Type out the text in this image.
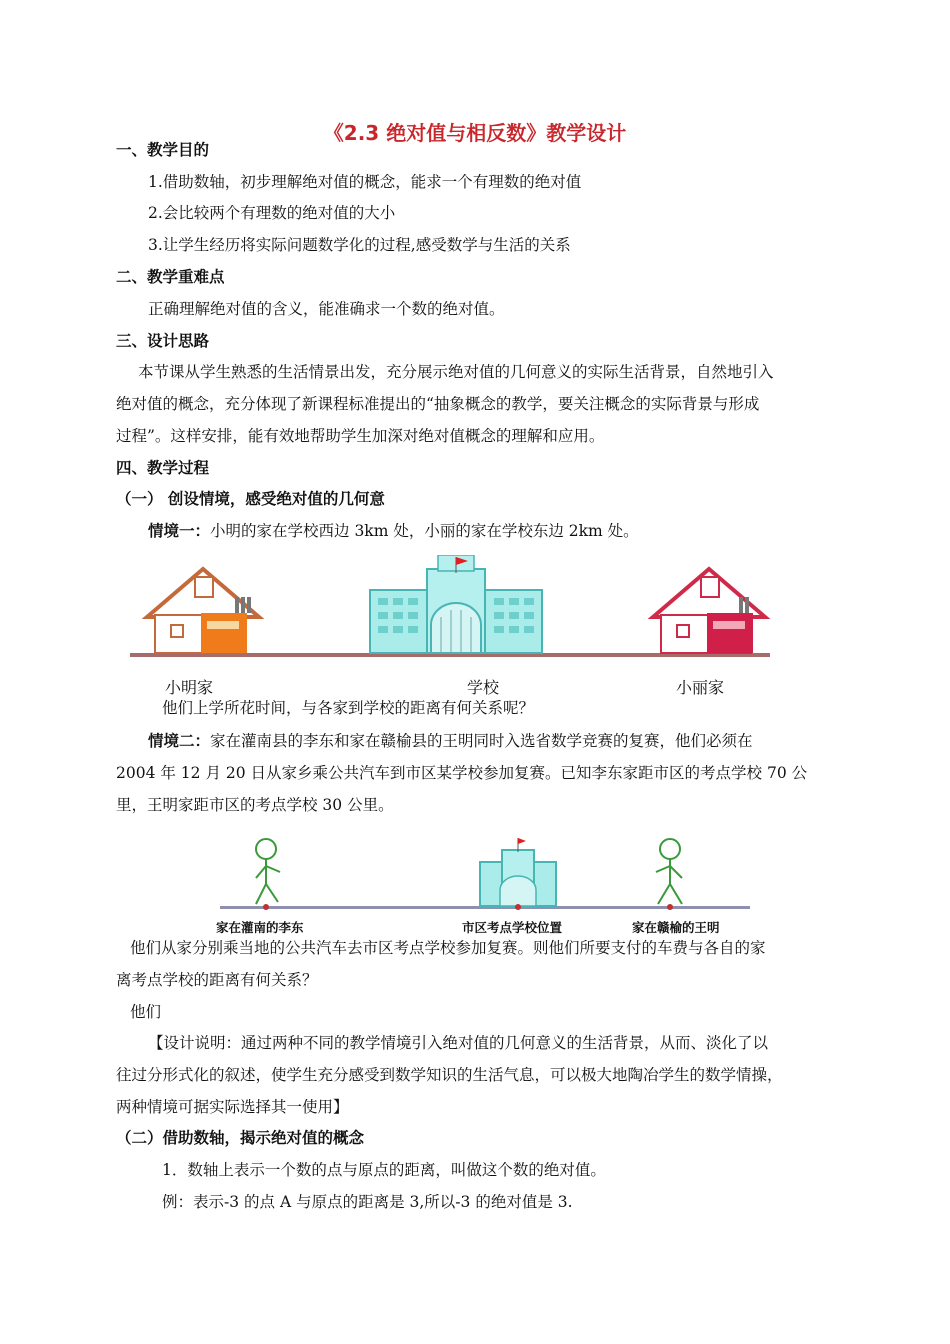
《2.3 绝对值与相反数》教学设计
一、教学目的
1.借助数轴，初步理解绝对值的概念，能求一个有理数的绝对值
2.会比较两个有理数的绝对值的大小
3.让学生经历将实际问题数学化的过程,感受数学与生活的关系
二、教学重难点
正确理解绝对值的含义，能准确求一个数的绝对值。
三、设计思路
本节课从学生熟悉的生活情景出发，充分展示绝对值的几何意义的实际生活背景，自然地引入
绝对值的概念，充分体现了新课程标准提出的“抽象概念的教学，要关注概念的实际背景与形成
过程”。这样安排，能有效地帮助学生加深对绝对值概念的理解和应用。
四、教学过程
（一） 创设情境，感受绝对值的几何意
情境一：小明的家在学校西边 3km 处，小丽的家在学校东边 2km 处。
小明家	学校	小丽家
他们上学所花时间，与各家到学校的距离有何关系呢？
情境二：家在灌南县的李东和家在赣榆县的王明同时入选省数学竞赛的复赛，他们必须在
2004 年 12 月 20 日从家乡乘公共汽车到市区某学校参加复赛。已知李东家距市区的考点学校 70 公
里，王明家距市区的考点学校 30 公里。
家在灌南的李东	市区考点学校位置	家在赣榆的王明
他们从家分别乘当地的公共汽车去市区考点学校参加复赛。则他们所要支付的车费与各自的家
离考点学校的距离有何关系？
他们
【设计说明：通过两种不同的教学情境引入绝对值的几何意义的生活背景，从而、淡化了以
往过分形式化的叙述，使学生充分感受到数学知识的生活气息，可以极大地陶冶学生的数学情操，
两种情境可据实际选择其一使用】
（二）借助数轴，揭示绝对值的概念
1．数轴上表示一个数的点与原点的距离，叫做这个数的绝对值。
例：表示-3 的点 A 与原点的距离是 3,所以-3 的绝对值是 3.
